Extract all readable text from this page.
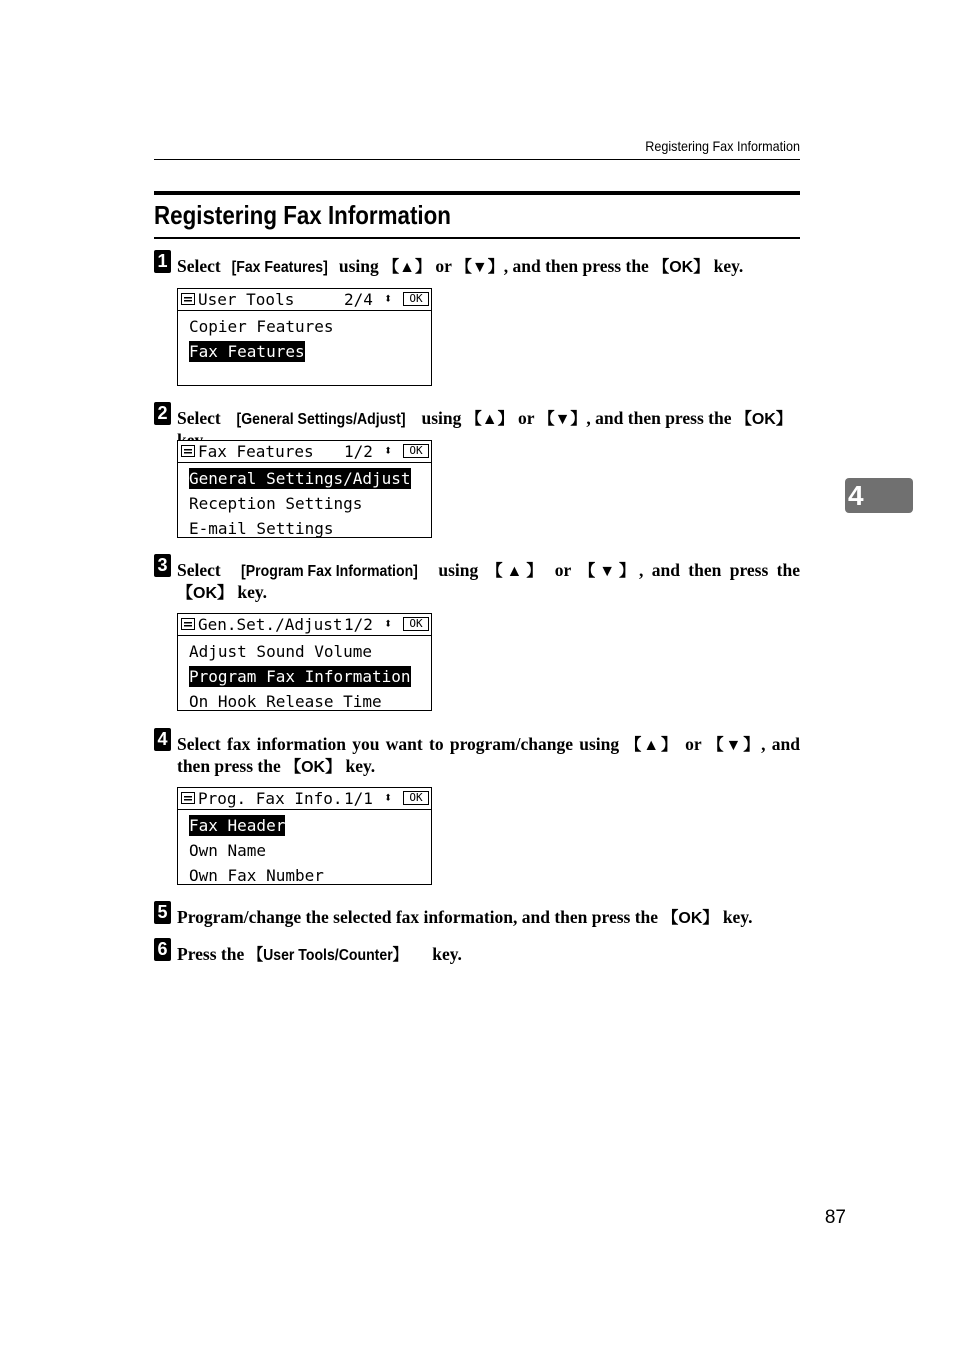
Registering Fax Information
Registering Fax Information
1 Select [Fax Features] using 【▲】 or 【▼】, and then press the 【OK】 key.

User Tools

	2/4

⬍

	OK

Copier Features
Fax Features
2 Select [General Settings/Adjust] using 【▲】 or 【▼】, and then press the 【OK】

Fax Features

1/2

⬍

	OK

General Settings/Adjust
Reception Settings
E-mail Settings
3 Select [Program Fax Information] using 【▲】 or 【▼】, and then press the 【OK】 key.

Gen.Set./Adjust

1/2

⬍

	OK

Adjust Sound Volume
Program Fax Information
On Hook Release Time
4 Select fax information you want to program/change using 【▲】 or 【▼】, and then press the 【OK】 key.

Prog. Fax Info.

1/1

⬍

	OK

Fax Header
Own Name
Own Fax Number
5 Program/change the selected fax information, and then press the 【OK】 key.
6 Press the 【User Tools/Counter】 key.
4
87
